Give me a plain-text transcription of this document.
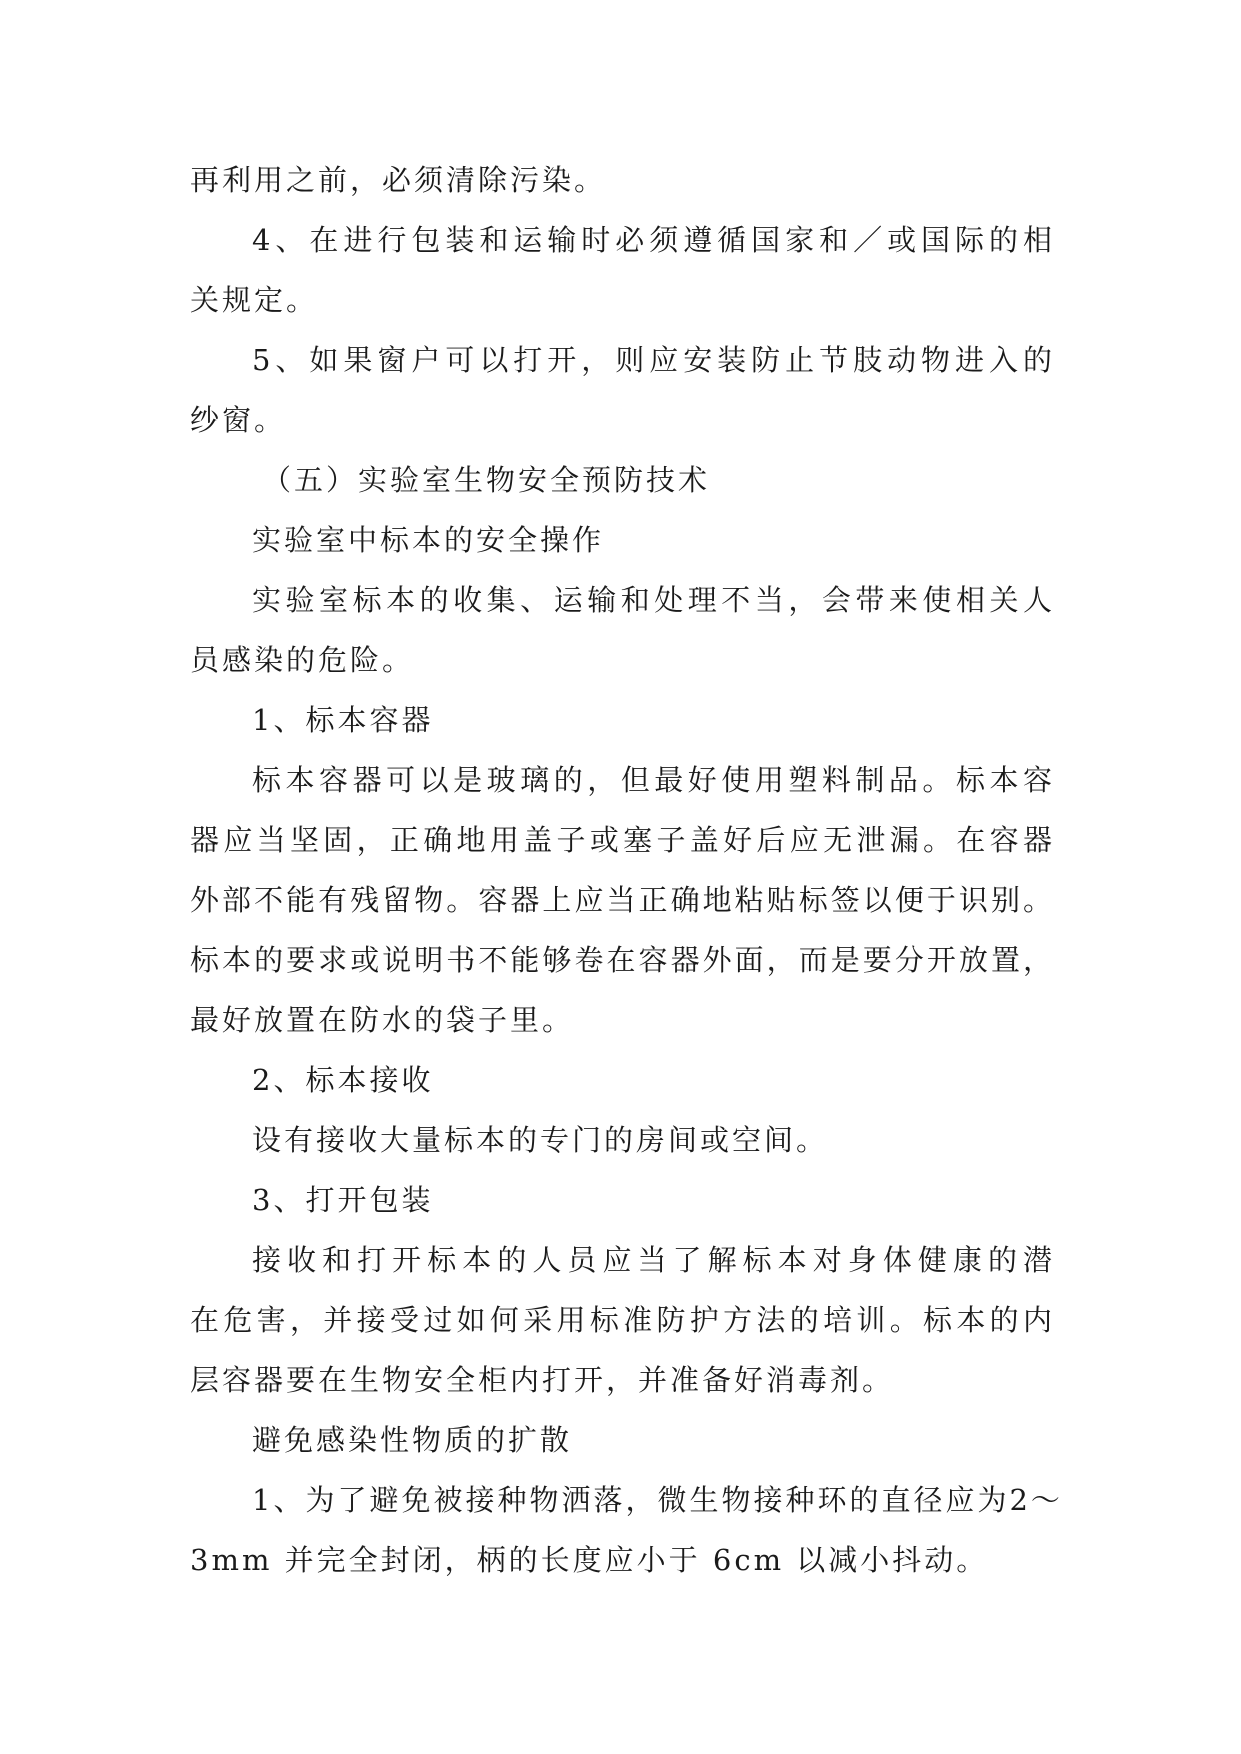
再利用之前，必须清除污染。
4、在进行包装和运输时必须遵循国家和／或国际的相
关规定。
5、如果窗户可以打开，则应安装防止节肢动物进入的
纱窗。
（五）实验室生物安全预防技术
实验室中标本的安全操作
实验室标本的收集、运输和处理不当，会带来使相关人
员感染的危险。
1、标本容器
标本容器可以是玻璃的，但最好使用塑料制品。标本容
器应当坚固，正确地用盖子或塞子盖好后应无泄漏。在容器
外部不能有残留物。容器上应当正确地粘贴标签以便于识别。
标本的要求或说明书不能够卷在容器外面，而是要分开放置，
最好放置在防水的袋子里。
2、标本接收
设有接收大量标本的专门的房间或空间。
3、打开包装
接收和打开标本的人员应当了解标本对身体健康的潜
在危害，并接受过如何采用标准防护方法的培训。标本的内
层容器要在生物安全柜内打开，并准备好消毒剂。
避免感染性物质的扩散
1、为了避免被接种物洒落，微生物接种环的直径应为2～
3mm 并完全封闭，柄的长度应小于 6cm 以减小抖动。
